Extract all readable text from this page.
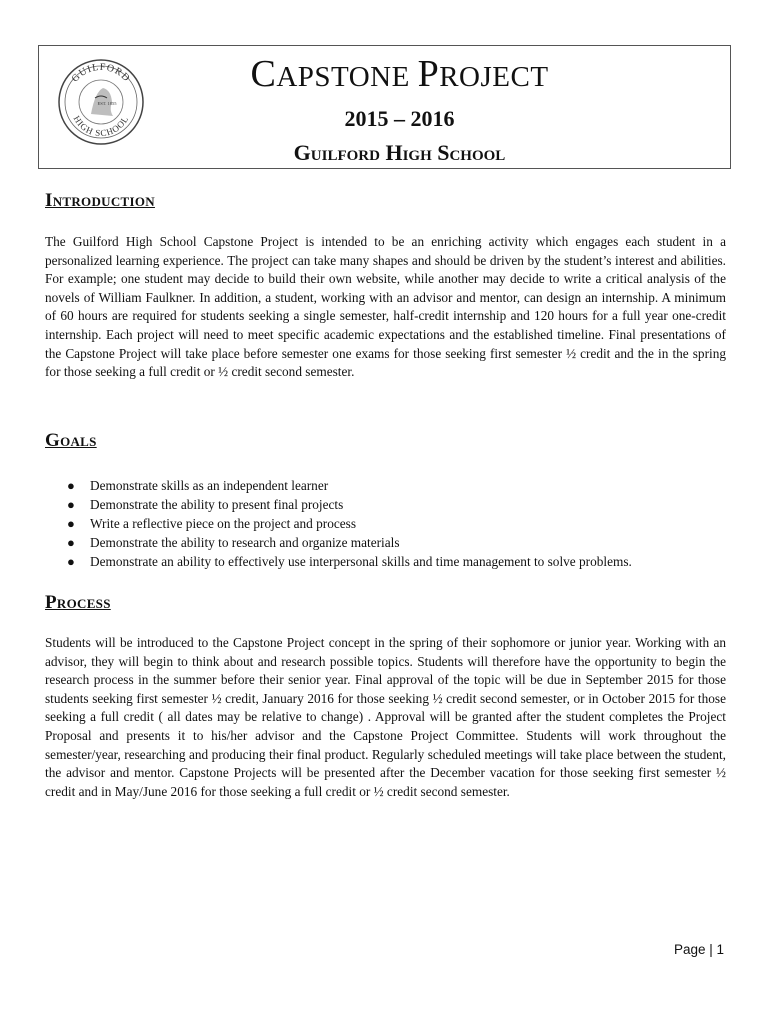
GUILFORD
HIGH SCHOOL
EST. 1855
CAPSTONE PROJECT
2015 – 2016
Guilford High School
Introduction

The Guilford High School Capstone Project is intended to be an enriching activity which engages each student in a personalized learning experience. The project can take many shapes and should be driven by the student’s interest and abilities. For example; one student may decide to build their own website, while another may decide to write a critical analysis of the novels of William Faulkner. In addition, a student, working with an advisor and mentor, can design an internship. A minimum of 60 hours are required for students seeking a single semester, half-credit internship and 120 hours for a full year one-credit internship. Each project will need to meet specific academic expectations and the established timeline. Final presentations of the Capstone Project will take place before semester one exams for those seeking first semester ½ credit and the in the spring for those seeking a full credit or ½ credit second semester.

Goals
● Demonstrate skills as an independent learner
● Demonstrate the ability to present final projects
● Write a reflective piece on the project and process
● Demonstrate the ability to research and organize materials
● Demonstrate an ability to effectively use interpersonal skills and time management to solve problems.
Process

Students will be introduced to the Capstone Project concept in the spring of their sophomore or junior year. Working with an advisor, they will begin to think about and research possible topics. Students will therefore have the opportunity to begin the research process in the summer before their senior year. Final approval of the topic will be due in September 2015 for those students seeking first semester ½ credit, January 2016 for those seeking ½ credit second semester, or in October 2015 for those seeking a full credit ( all dates may be relative to change) . Approval will be granted after the student completes the Project Proposal and presents it to his/her advisor and the Capstone Project Committee. Students will work throughout the semester/year, researching and producing their final product. Regularly scheduled meetings will take place between the student, the advisor and mentor. Capstone Projects will be presented after the December vacation for those seeking first semester ½ credit and in May/June 2016 for those seeking a full credit or ½ credit second semester.

Page | 1
